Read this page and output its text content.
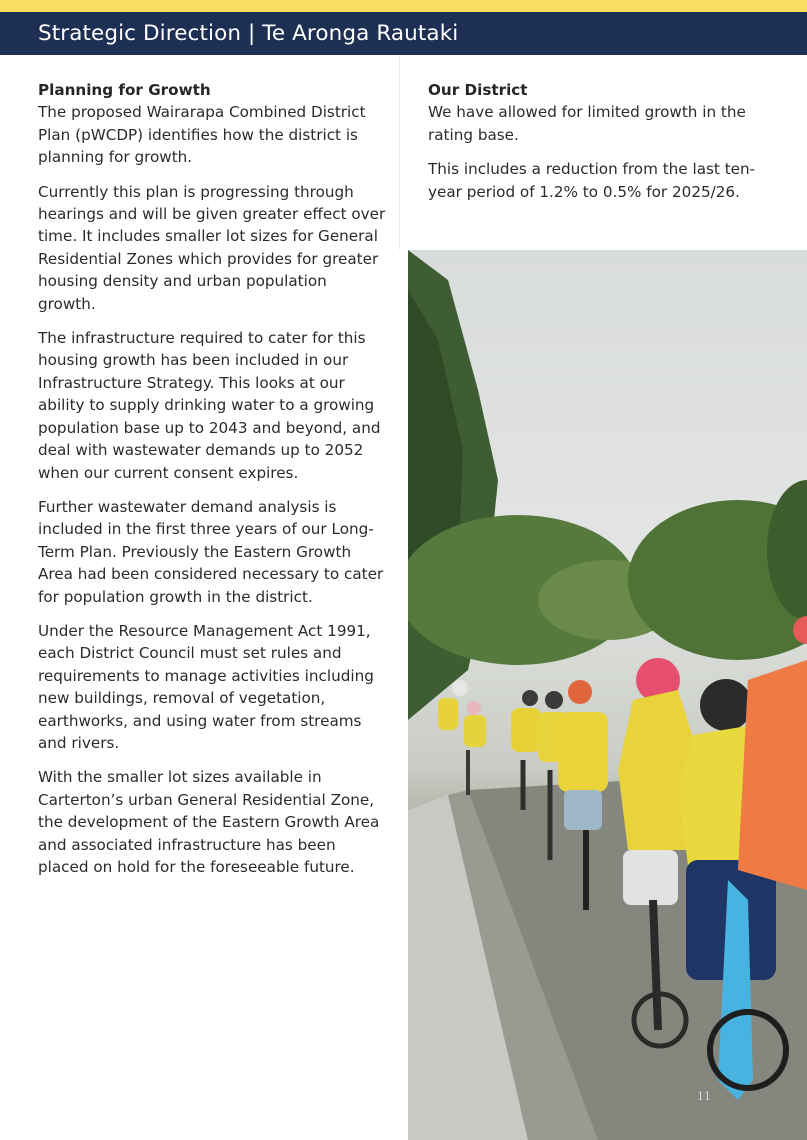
Strategic Direction | Te Aronga Rautaki
Planning for Growth

The proposed Wairarapa Combined District Plan (pWCDP) identifies how the district is planning for growth.

Currently this plan is progressing through hearings and will be given greater effect over time. It includes smaller lot sizes for General Residential Zones which provides for greater housing density and urban population growth.

The infrastructure required to cater for this housing growth has been included in our Infrastructure Strategy. This looks at our ability to supply drinking water to a growing population base up to 2043 and beyond, and deal with wastewater demands up to 2052 when our current consent expires.

Further wastewater demand analysis is included in the first three years of our Long-Term Plan. Previously the Eastern Growth Area had been considered necessary to cater for population growth in the district.

Under the Resource Management Act 1991, each District Council must set rules and requirements to manage activities including new buildings, removal of vegetation, earthworks, and using water from streams and rivers.

With the smaller lot sizes available in Carterton’s urban General Residential Zone, the development of the Eastern Growth Area and associated infrastructure has been placed on hold for the foreseeable future.

Our District

We have allowed for limited growth in the rating base.

This includes a reduction from the last ten-year period of 1.2% to 0.5% for 2025/26.

11
